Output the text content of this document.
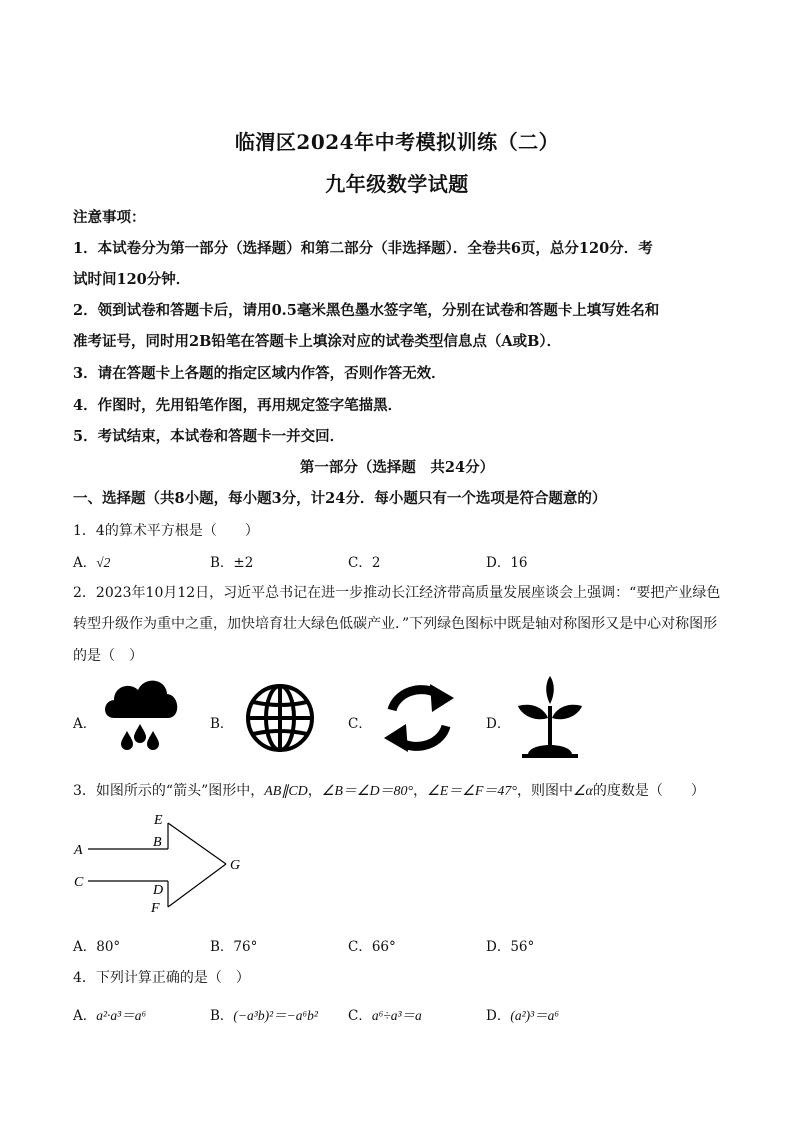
临渭区2024年中考模拟训练（二）
九年级数学试题
注意事项：
1．本试卷分为第一部分（选择题）和第二部分（非选择题）．全卷共6页，总分120分．考
试时间120分钟．
2．领到试卷和答题卡后，请用0.5毫米黑色墨水签字笔，分别在试卷和答题卡上填写姓名和
准考证号，同时用2B铅笔在答题卡上填涂对应的试卷类型信息点（A或B）．
3．请在答题卡上各题的指定区域内作答，否则作答无效．
4．作图时，先用铅笔作图，再用规定签字笔描黑．
5．考试结束，本试卷和答题卡一并交回．
第一部分（选择题　共24分）
一、选择题（共8小题，每小题3分，计24分．每小题只有一个选项是符合题意的）
1．4的算术平方根是（　　）
A．√2	B．±2	C．2	D．16
2．2023年10月12日，习近平总书记在进一步推动长江经济带高质量发展座谈会上强调：“要把产业绿色
转型升级作为重中之重，加快培育壮大绿色低碳产业．”下列绿色图标中既是轴对称图形又是中心对称图形
的是（　）
A．	B．	C．	D．
3．如图所示的“箭头”图形中，AB∥CD，∠B＝∠D＝80°，∠E＝∠F＝47°，则图中∠α的度数是（　　）
A
B
C
D
E
F
G
A．80°	B．76°	C．66°	D．56°
4．下列计算正确的是（　）
A．a²·a³＝a⁶	B．(−a³b)²＝−a⁶b² C．a⁶÷a³＝a	D．(a²)³＝a⁶
